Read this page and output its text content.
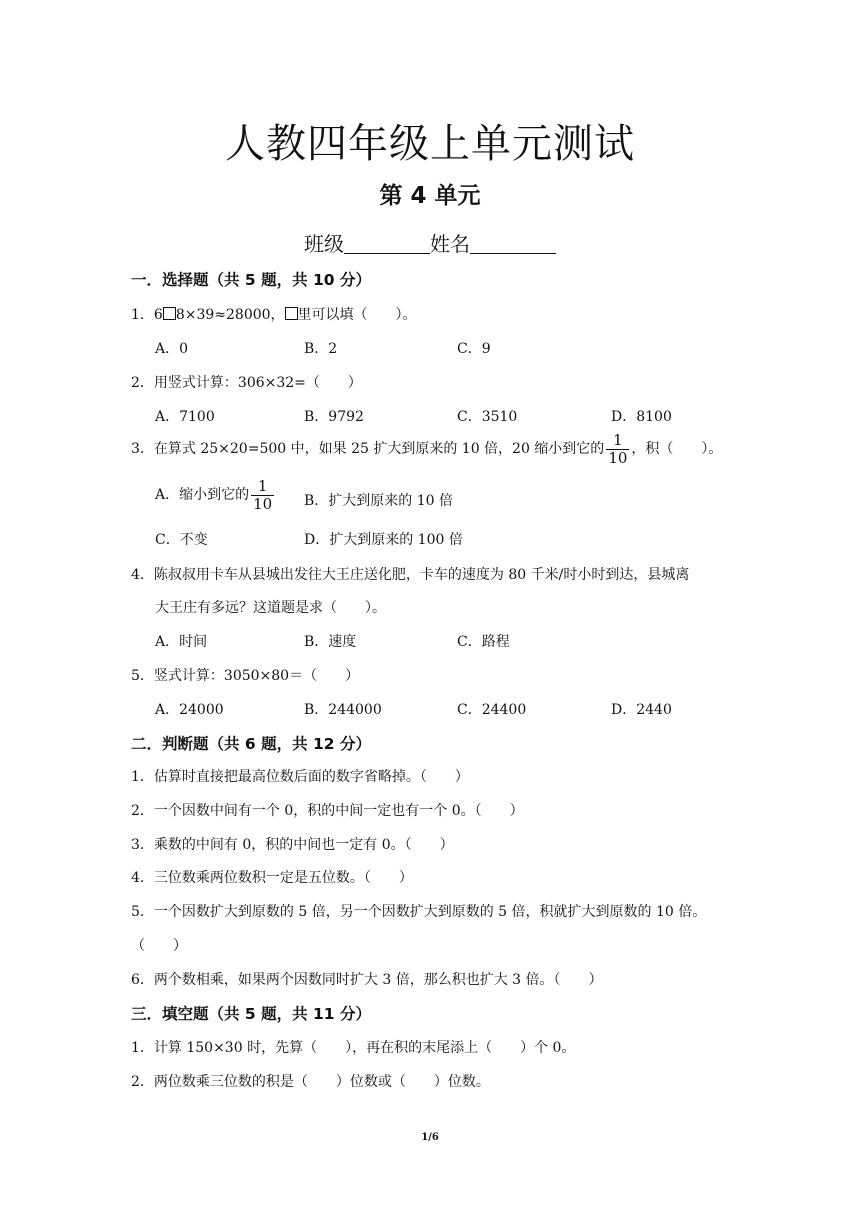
人教四年级上单元测试
第 4 单元
班级	姓名
一．选择题（共 5 题，共 10 分）
1．6 8×39≈28000， 里可以填（　　）。
A．0	B．2	C．9
2．用竖式计算：306×32=（　　）
A．7100	B．9792	C．3510	D．8100
3．在算式 25×20=500 中，如果 25 扩大到原来的 10 倍，20 缩小到它的 $\frac{1}{10}$ ，积（　　）。
A．缩小到它的 $\frac{1}{10}$ B．扩大到原来的 10 倍
C．不变	D．扩大到原来的 100 倍
4．陈叔叔用卡车从县城出发往大王庄送化肥，卡车的速度为 80 千米/时小时到达，县城离
大王庄有多远？这道题是求（　　）。
A．时间	B．速度	C．路程
5．竖式计算：3050×80＝（　　）
A．24000	B．244000	C．24400	D．2440
二．判断题（共 6 题，共 12 分）
1．估算时直接把最高位数后面的数字省略掉。（　　）
2．一个因数中间有一个 0，积的中间一定也有一个 0。（　　）
3．乘数的中间有 0，积的中间也一定有 0。（　　）
4．三位数乘两位数积一定是五位数。（　　）
5．一个因数扩大到原数的 5 倍，另一个因数扩大到原数的 5 倍，积就扩大到原数的 10 倍。
（　　）
6．两个数相乘，如果两个因数同时扩大 3 倍，那么积也扩大 3 倍。（　　）
三．填空题（共 5 题，共 11 分）
1．计算 150×30 时，先算（　　），再在积的末尾添上（　　）个 0。
2．两位数乘三位数的积是（　　）位数或（　　）位数。
1/6
